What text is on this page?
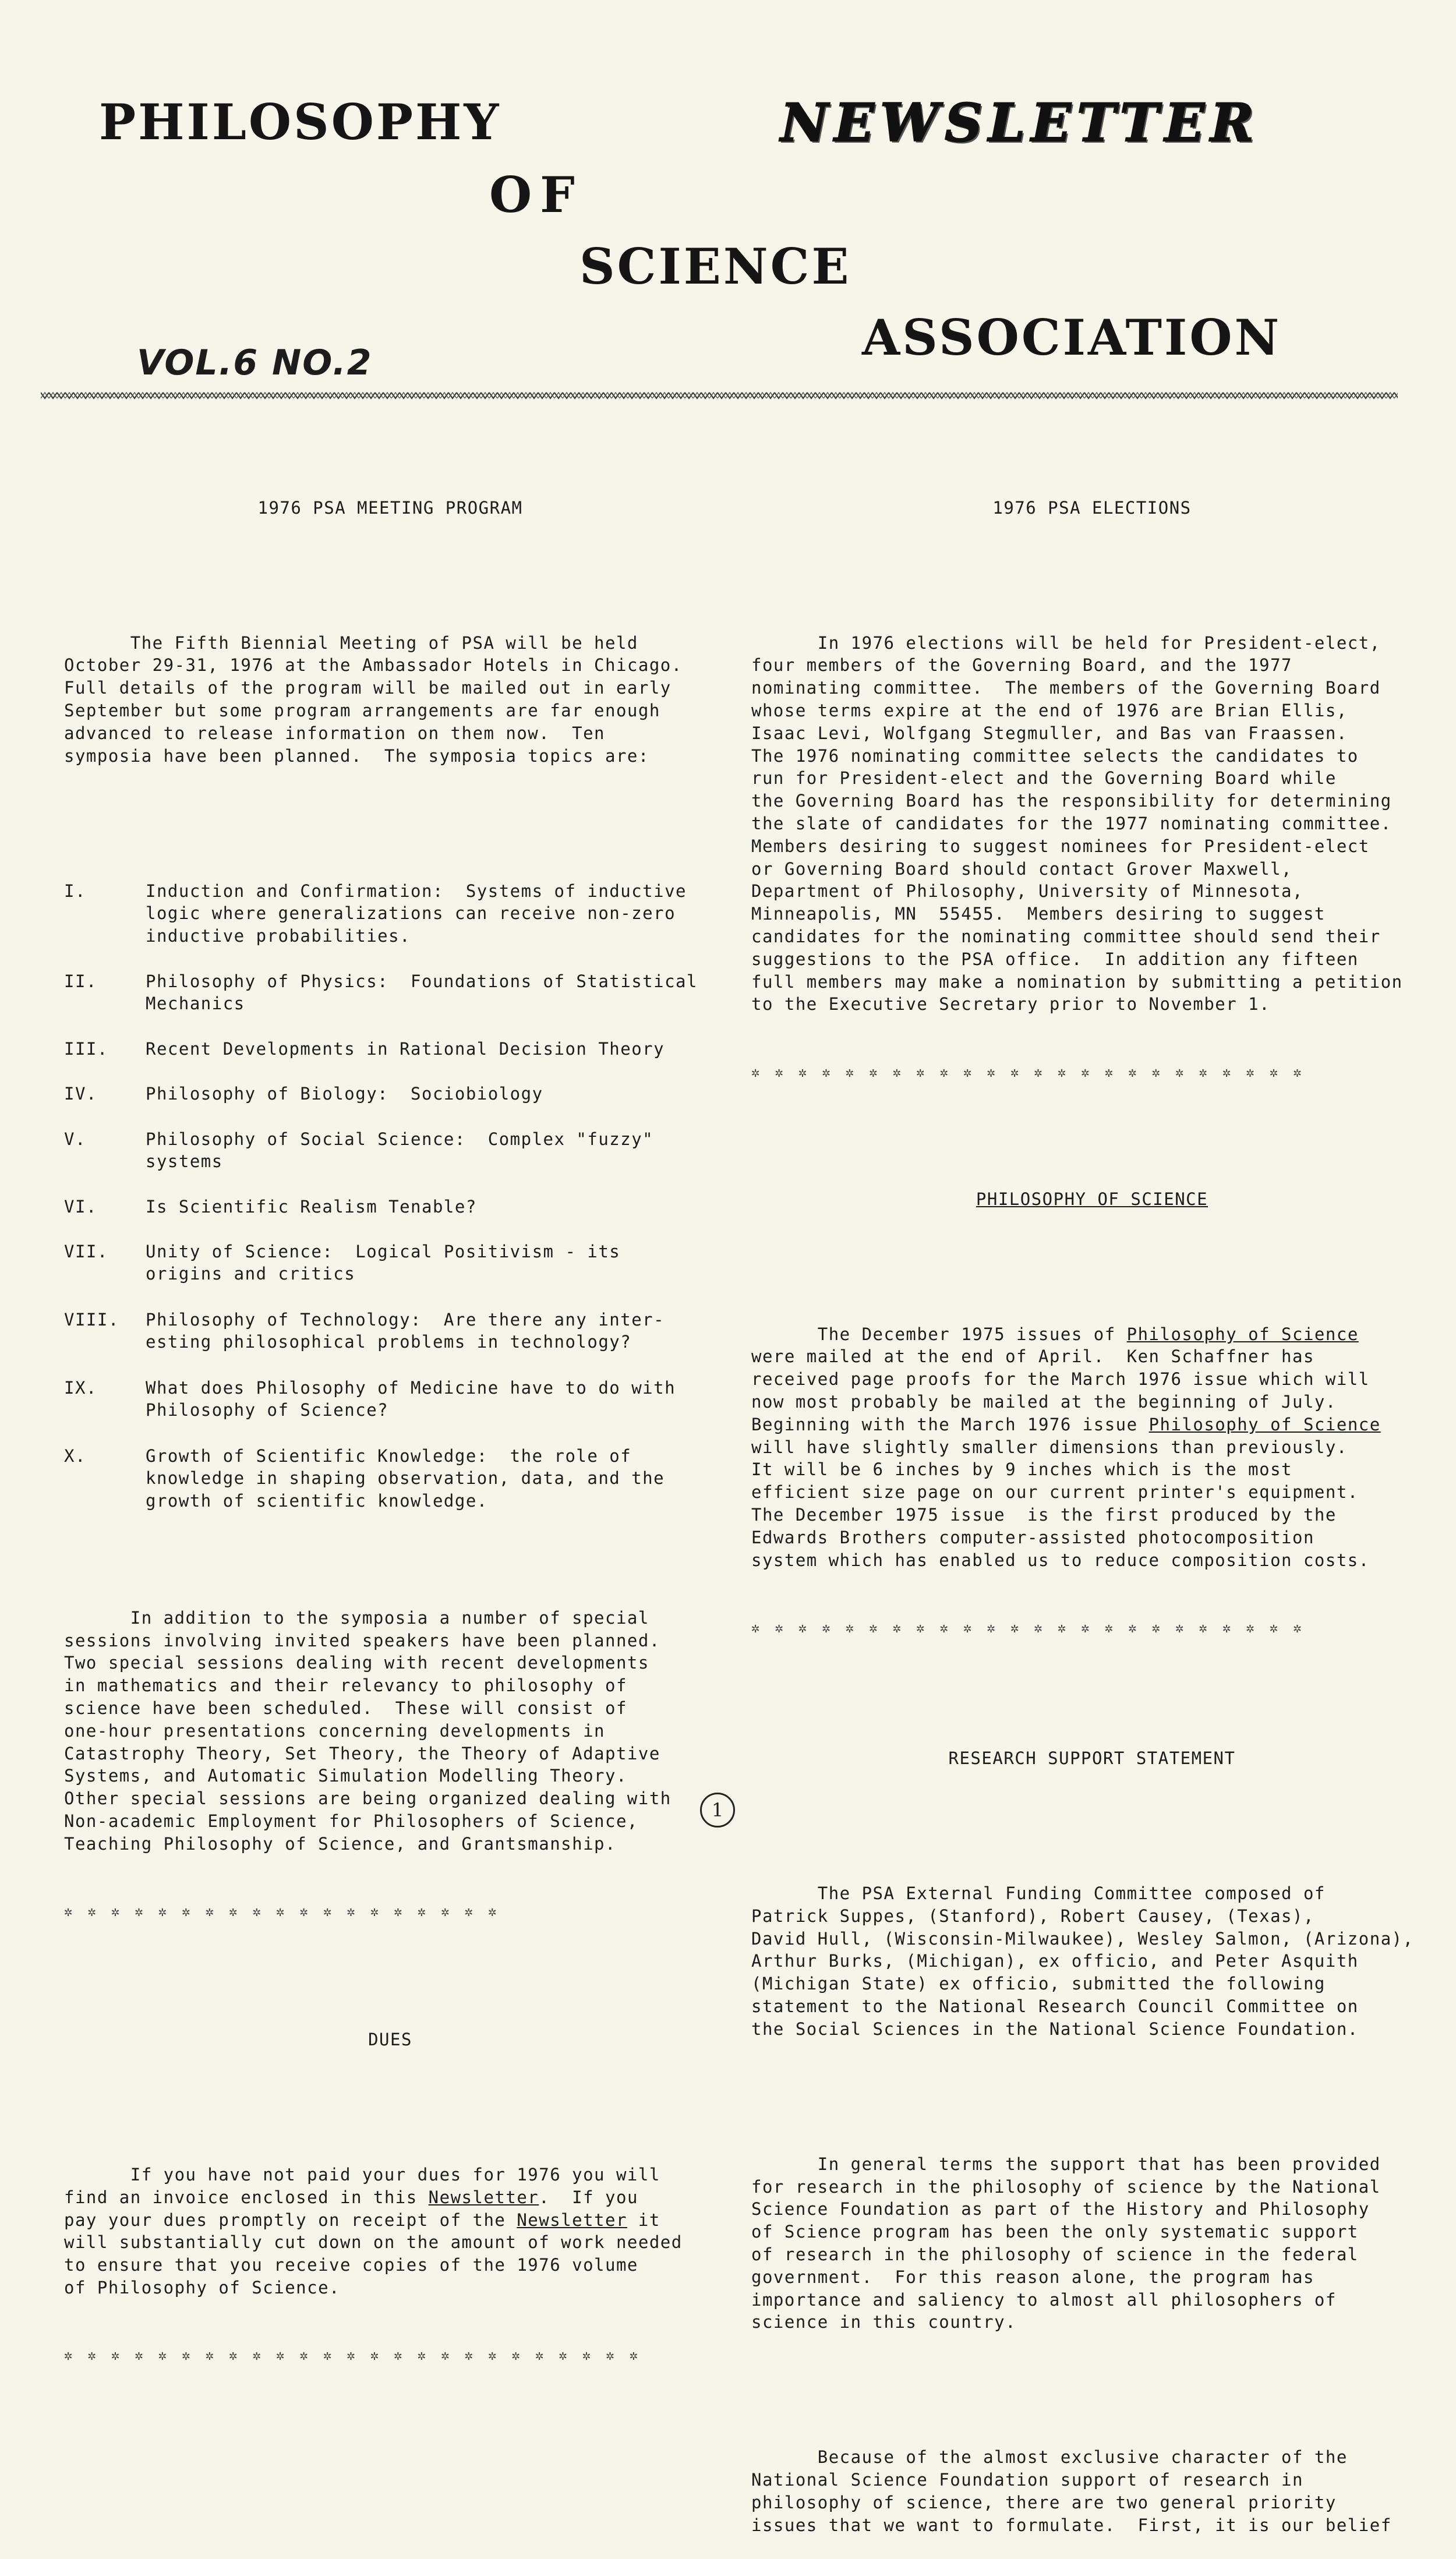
PHILOSOPHY
OF
SCIENCE
ASSOCIATION
NEWSLETTER
VOL.6 NO.2

1976 PSA MEETING PROGRAM

The Fifth Biennial Meeting of PSA will be held
October 29-31, 1976 at the Ambassador Hotels in Chicago.
Full details of the program will be mailed out in early
September but some program arrangements are far enough
advanced to release information on them now.  Ten
symposia have been planned.  The symposia topics are:

I.	Induction and Confirmation:  Systems of inductive
logic where generalizations can receive non-zero
inductive probabilities.

II.	Philosophy of Physics:  Foundations of Statistical
Mechanics

III. Recent Developments in Rational Decision Theory

IV.	Philosophy of Biology:  Sociobiology

V.	Philosophy of Social Science:  Complex "fuzzy"
systems

VI.	Is Scientific Realism Tenable?

VII. Unity of Science:  Logical Positivism - its
origins and critics

VIII. Philosophy of Technology:  Are there any inter-
esting philosophical problems in technology?

IX.	What does Philosophy of Medicine have to do with
Philosophy of Science?

X.	Growth of Scientific Knowledge:  the role of
knowledge in shaping observation, data, and the
growth of scientific knowledge.

In addition to the symposia a number of special
sessions involving invited speakers have been planned.
Two special sessions dealing with recent developments
in mathematics and their relevancy to philosophy of
science have been scheduled.  These will consist of
one-hour presentations concerning developments in
Catastrophy Theory, Set Theory, the Theory of Adaptive
Systems, and Automatic Simulation Modelling Theory.
Other special sessions are being organized dealing with
Non-academic Employment for Philosophers of Science,
Teaching Philosophy of Science, and Grantsmanship.

✲✲✲✲✲✲✲✲✲✲✲✲✲✲✲✲✲✲✲

DUES

If you have not paid your dues for 1976 you will
find an invoice enclosed in this Newsletter.  If you
pay your dues promptly on receipt of the Newsletter it
will substantially cut down on the amount of work needed
to ensure that you receive copies of the 1976 volume
of Philosophy of Science.

✲✲✲✲✲✲✲✲✲✲✲✲✲✲✲✲✲✲✲✲✲✲✲✲✲

1976 PSA ELECTIONS

In 1976 elections will be held for President-elect,
four members of the Governing Board, and the 1977
nominating committee.  The members of the Governing Board
whose terms expire at the end of 1976 are Brian Ellis,
Isaac Levi, Wolfgang Stegmuller, and Bas van Fraassen.
The 1976 nominating committee selects the candidates to
run for President-elect and the Governing Board while
the Governing Board has the responsibility for determining
the slate of candidates for the 1977 nominating committee.
Members desiring to suggest nominees for President-elect
or Governing Board should contact Grover Maxwell,
Department of Philosophy, University of Minnesota,
Minneapolis, MN  55455.  Members desiring to suggest
candidates for the nominating committee should send their
suggestions to the PSA office.  In addition any fifteen
full members may make a nomination by submitting a petition
to the Executive Secretary prior to November 1.

✲✲✲✲✲✲✲✲✲✲✲✲✲✲✲✲✲✲✲✲✲✲✲✲

PHILOSOPHY OF SCIENCE

The December 1975 issues of Philosophy of Science
were mailed at the end of April.  Ken Schaffner has
received page proofs for the March 1976 issue which will
now most probably be mailed at the beginning of July.
Beginning with the March 1976 issue Philosophy of Science
will have slightly smaller dimensions than previously.
It will be 6 inches by 9 inches which is the most
efficient size page on our current printer's equipment.
The December 1975 issue  is the first produced by the
Edwards Brothers computer-assisted photocomposition
system which has enabled us to reduce composition costs.

✲✲✲✲✲✲✲✲✲✲✲✲✲✲✲✲✲✲✲✲✲✲✲✲

RESEARCH SUPPORT STATEMENT

The PSA External Funding Committee composed of
Patrick Suppes, (Stanford), Robert Causey, (Texas),
David Hull, (Wisconsin-Milwaukee), Wesley Salmon, (Arizona),
Arthur Burks, (Michigan), ex officio, and Peter Asquith
(Michigan State) ex officio, submitted the following
statement to the National Research Council Committee on
the Social Sciences in the National Science Foundation.

In general terms the support that has been provided
for research in the philosophy of science by the National
Science Foundation as part of the History and Philosophy
of Science program has been the only systematic support
of research in the philosophy of science in the federal
government.  For this reason alone, the program has
importance and saliency to almost all philosophers of
science in this country.

Because of the almost exclusive character of the
National Science Foundation support of research in
philosophy of science, there are two general priority
issues that we want to formulate.  First, it is our belief

1
